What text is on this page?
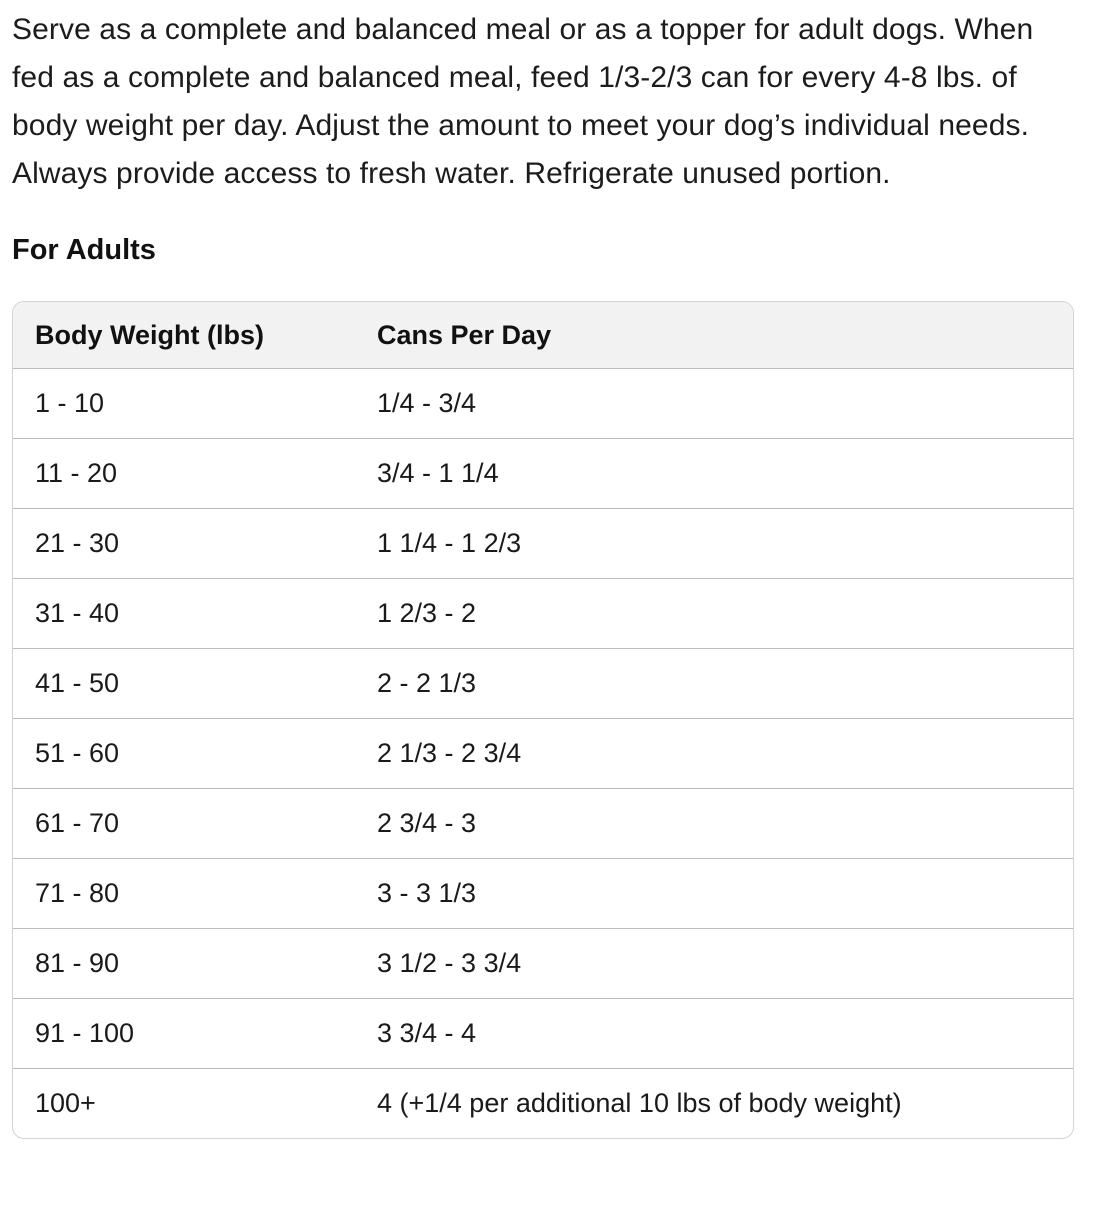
Serve as a complete and balanced meal or as a topper for adult dogs. When fed as a complete and balanced meal, feed 1/3-2/3 can for every 4-8 lbs. of body weight per day. Adjust the amount to meet your dog’s individual needs. Always provide access to fresh water. Refrigerate unused portion.

For Adults
Body Weight (lbs)	Cans Per Day
1 - 10	1/4 - 3/4
11 - 20	3/4 - 1 1/4
21 - 30	1 1/4 - 1 2/3
31 - 40	1 2/3 - 2
41 - 50	2 - 2 1/3
51 - 60	2 1/3 - 2 3/4
61 - 70	2 3/4 - 3
71 - 80	3 - 3 1/3
81 - 90	3 1/2 - 3 3/4
91 - 100	3 3/4 - 4
100+	4 (+1/4 per additional 10 lbs of body weight)
